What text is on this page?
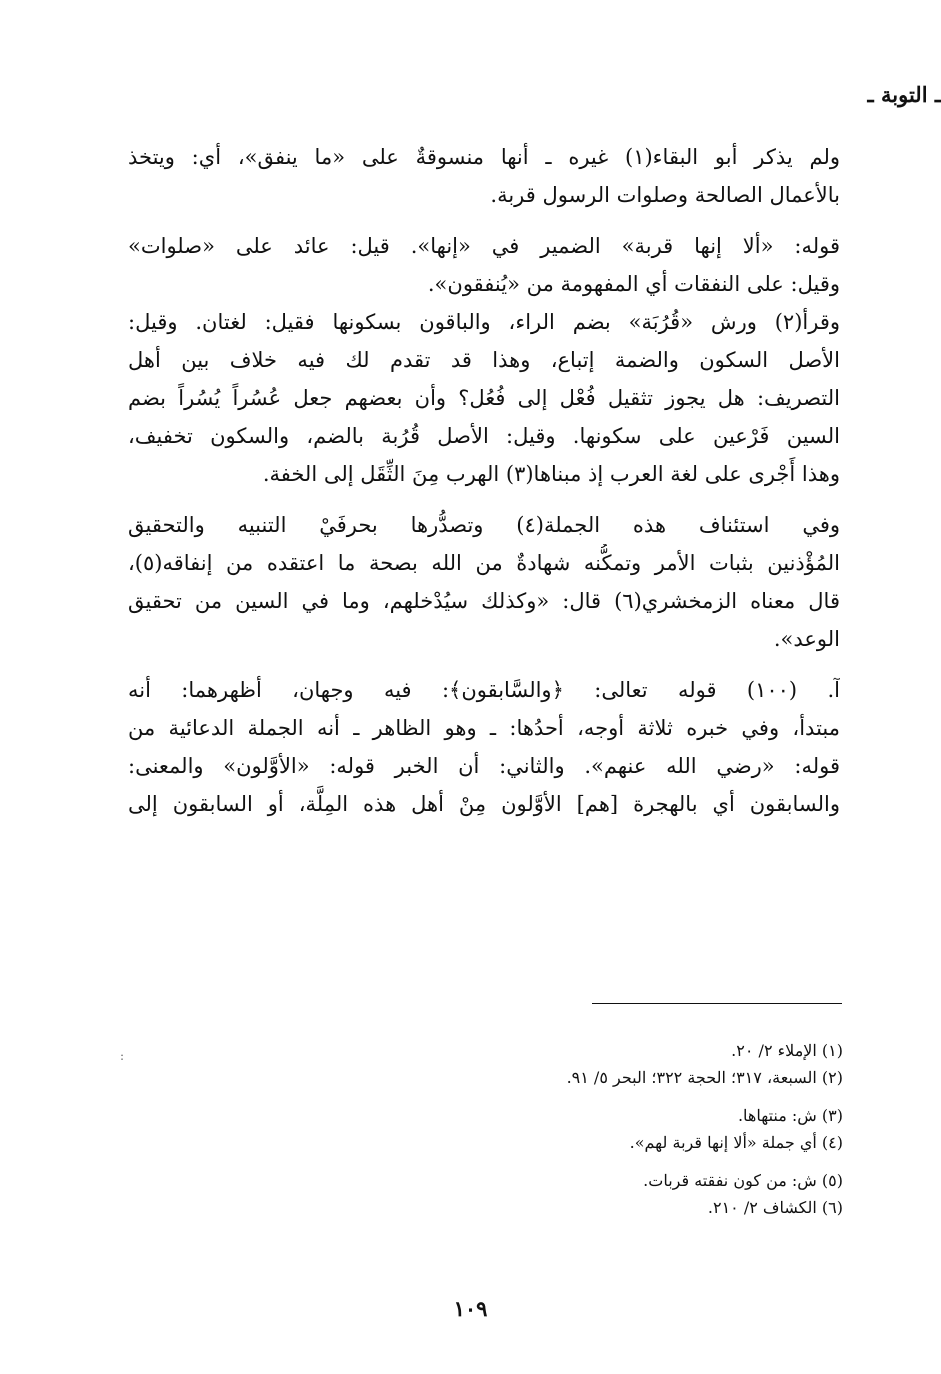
ـ التوبة ـ
ولم يذكر أبو البقاء(١) غيره ـ أنها منسوقةٌ على «ما ينفق»، أي: ويتخذ
بالأعمال الصالحة وصلوات الرسول قربة.
قوله: «ألا إنها قربة» الضمير في «إنها». قيل: عائد على «صلوات»
وقيل: على النفقات أي المفهومة من «يُنفقون».
وقرأ(٢) ورش «قُرُبَة» بضم الراء، والباقون بسكونها فقيل: لغتان. وقيل:
الأصل السكون والضمة إتباع، وهذا قد تقدم لك فيه خلاف بين أهل
التصريف: هل يجوز تثقيل فُعْل إلى فُعُل؟ وأن بعضهم جعل عُسُراً يُسُراً بضم
السين فَرْعين على سكونها. وقيل: الأصل قُرُبة بالضم، والسكون تخفيف،
وهذا أَجْرى على لغة العرب إذ مبناها(٣) الهرب مِنَ الثِّقَل إلى الخفة.
وفي استئناف هذه الجملة(٤) وتصدُّرها بحرفَيْ التنبيه والتحقيق
المُؤْذنين بثبات الأمر وتمكُّنه شهادةٌ من الله بصحة ما اعتقده من إنفاقه(٥)،
قال معناه الزمخشري(٦) قال: «وكذلك سيُدْخلهم، وما في السين من تحقيق
الوعد».
آ. (١٠٠) قوله تعالى: ﴿والسَّابقون﴾: فيه وجهان، أظهرهما: أنه
مبتدأ، وفي خبره ثلاثة أوجه، أحدُها: ـ وهو الظاهر ـ أنه الجملة الدعائية من
قوله: «رضي الله عنهم». والثاني: أن الخبر قوله: «الأوَّلون» والمعنى:
والسابقون أي بالهجرة [هم] الأوَّلون مِنْ أهل هذه المِلَّة، أو السابقون إلى
:	(١) الإملاء ٢/ ٢٠.
(٢) السبعة، ٣١٧؛ الحجة ٣٢٢؛ البحر ٥/ ٩١.
(٣) ش: منتهاها.
(٤) أي جملة «ألا إنها قربة لهم».
(٥) ش: من كون نفقته قربات.
(٦) الكشاف ٢/ ٢١٠.
١٠٩
